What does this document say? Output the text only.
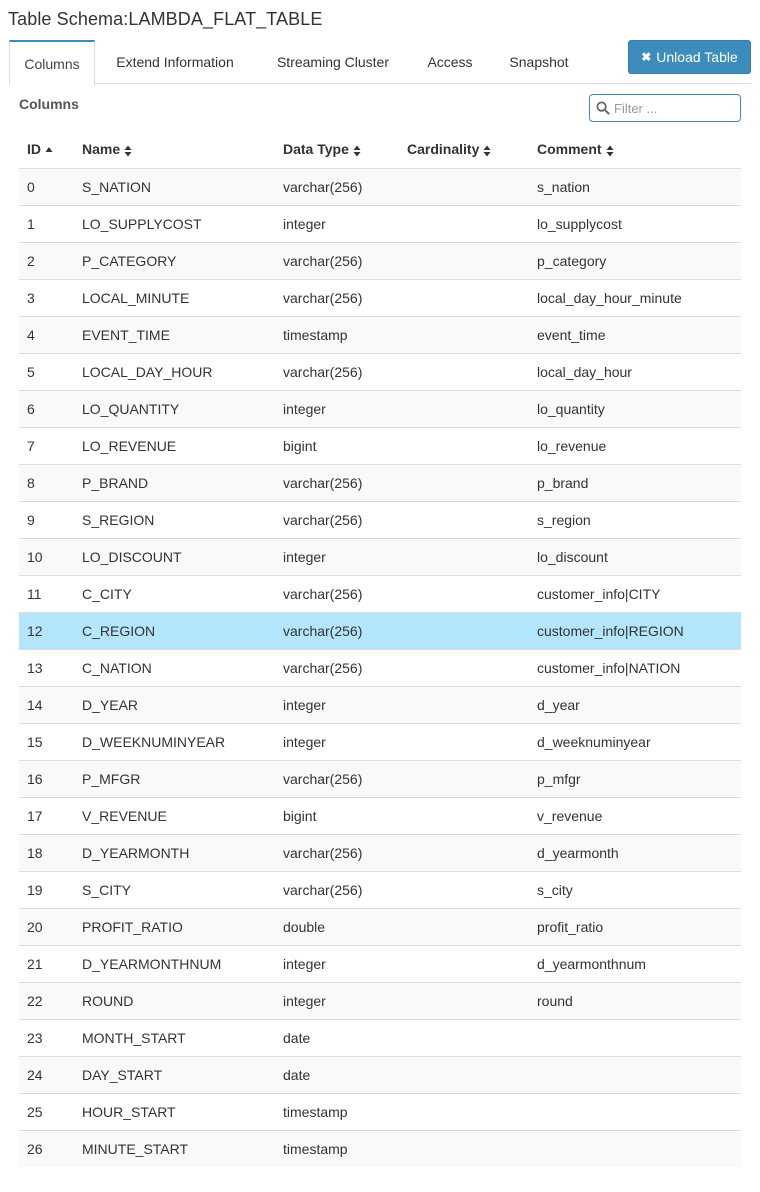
Table Schema:LAMBDA_FLAT_TABLE
Columns	Extend Information	Streaming Cluster	Access	Snapshot	✖ Unload Table
Columns
Filter ...
ID	Name	Data Type	Cardinality	Comment
0	S_NATION	varchar(256)		s_nation
1	LO_SUPPLYCOST	integer		lo_supplycost
2	P_CATEGORY	varchar(256)		p_category
3	LOCAL_MINUTE	varchar(256)		local_day_hour_minute
4	EVENT_TIME	timestamp		event_time
5	LOCAL_DAY_HOUR	varchar(256)		local_day_hour
6	LO_QUANTITY	integer		lo_quantity
7	LO_REVENUE	bigint		lo_revenue
8	P_BRAND	varchar(256)		p_brand
9	S_REGION	varchar(256)		s_region
10	LO_DISCOUNT	integer		lo_discount
11	C_CITY	varchar(256)		customer_info|CITY
12	C_REGION	varchar(256)		customer_info|REGION
13	C_NATION	varchar(256)		customer_info|NATION
14	D_YEAR	integer		d_year
15	D_WEEKNUMINYEAR	integer		d_weeknuminyear
16	P_MFGR	varchar(256)		p_mfgr
17	V_REVENUE	bigint		v_revenue
18	D_YEARMONTH	varchar(256)		d_yearmonth
19	S_CITY	varchar(256)		s_city
20	PROFIT_RATIO	double		profit_ratio
21	D_YEARMONTHNUM	integer		d_yearmonthnum
22	ROUND	integer		round
23	MONTH_START	date		
24	DAY_START	date		
25	HOUR_START	timestamp		
26	MINUTE_START	timestamp		
